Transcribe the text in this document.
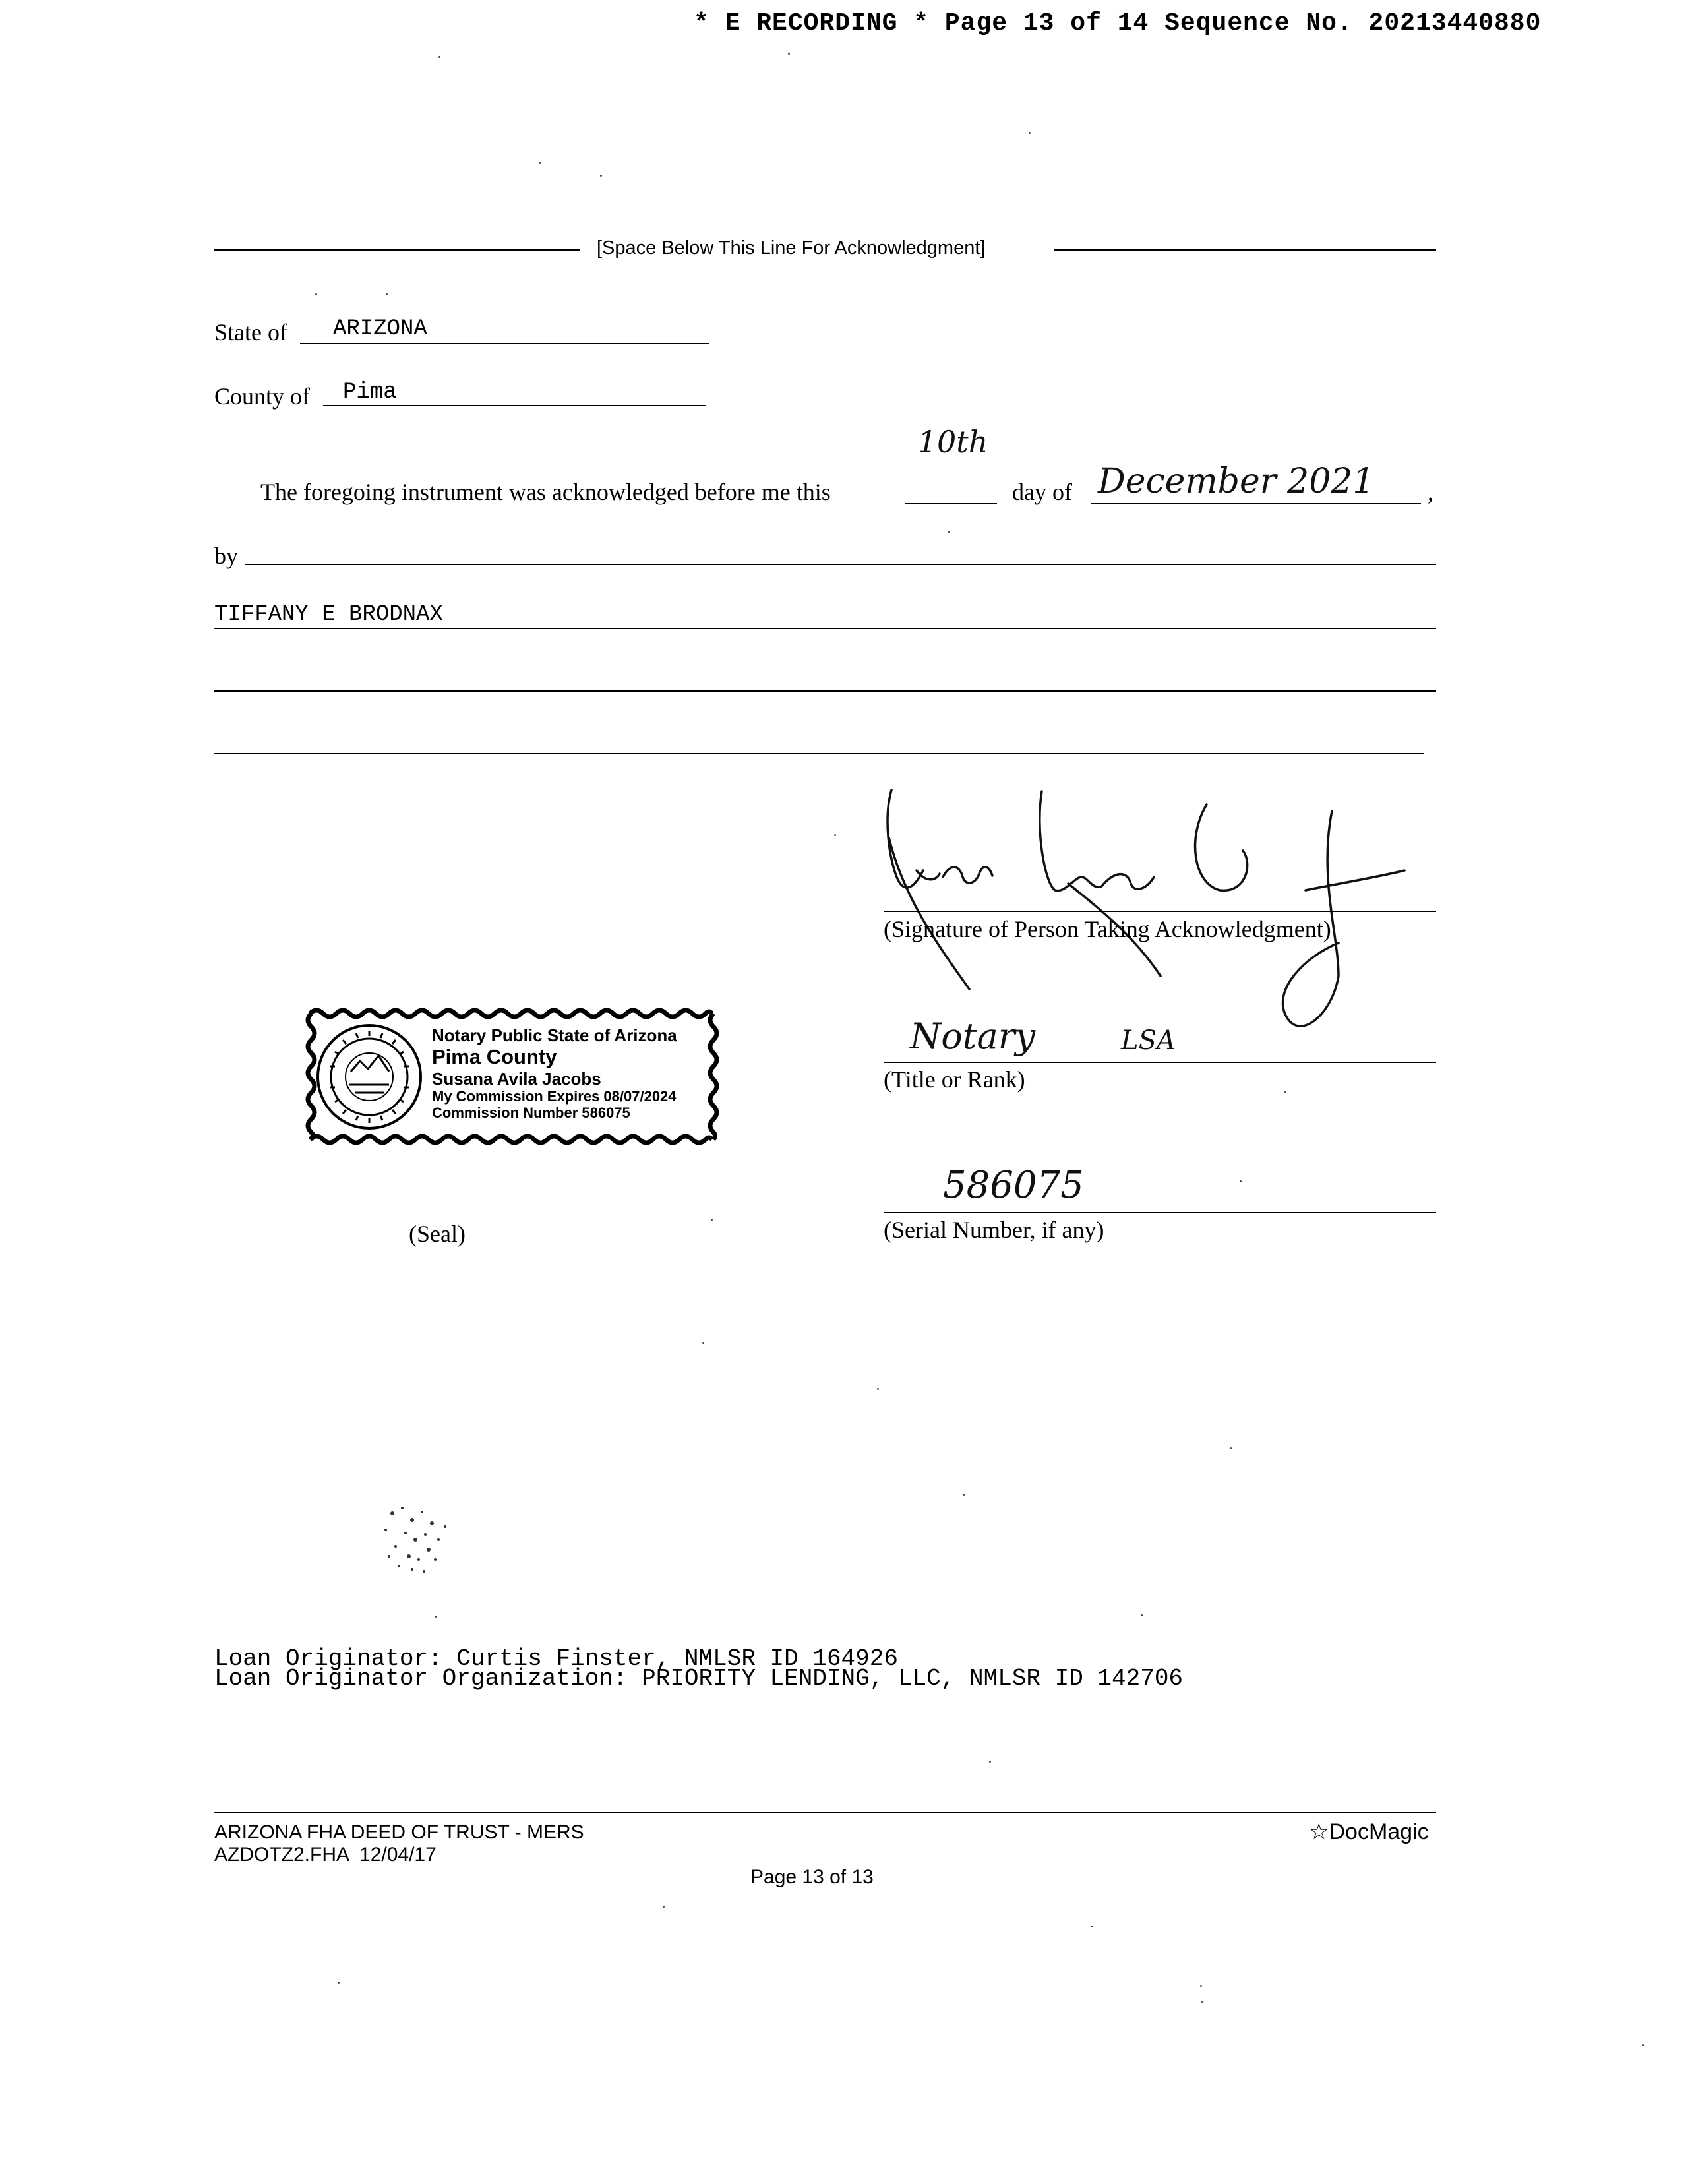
* E RECORDING * Page 13 of 14 Sequence No. 20213440880
[Space Below This Line For Acknowledgment]
State of ARIZONA
County of Pima
The foregoing instrument was acknowledged before me this
10th
day of December 2021 ,
by
TIFFANY E BRODNAX
(Signature of Person Taking Acknowledgment)
Notary	LSA
(Title or Rank)
586075
(Serial Number, if any)
Notary Public State of Arizona
Pima County
Susana Avila Jacobs
My Commission Expires 08/07/2024
Commission Number 586075
(Seal)
Loan Originator: Curtis Finster, NMLSR ID 164926
Loan Originator Organization: PRIORITY LENDING, LLC, NMLSR ID 142706
ARIZONA FHA DEED OF TRUST - MERS
AZDOTZ2.FHA  12/04/17
Page 13 of 13
☆DocMagic
